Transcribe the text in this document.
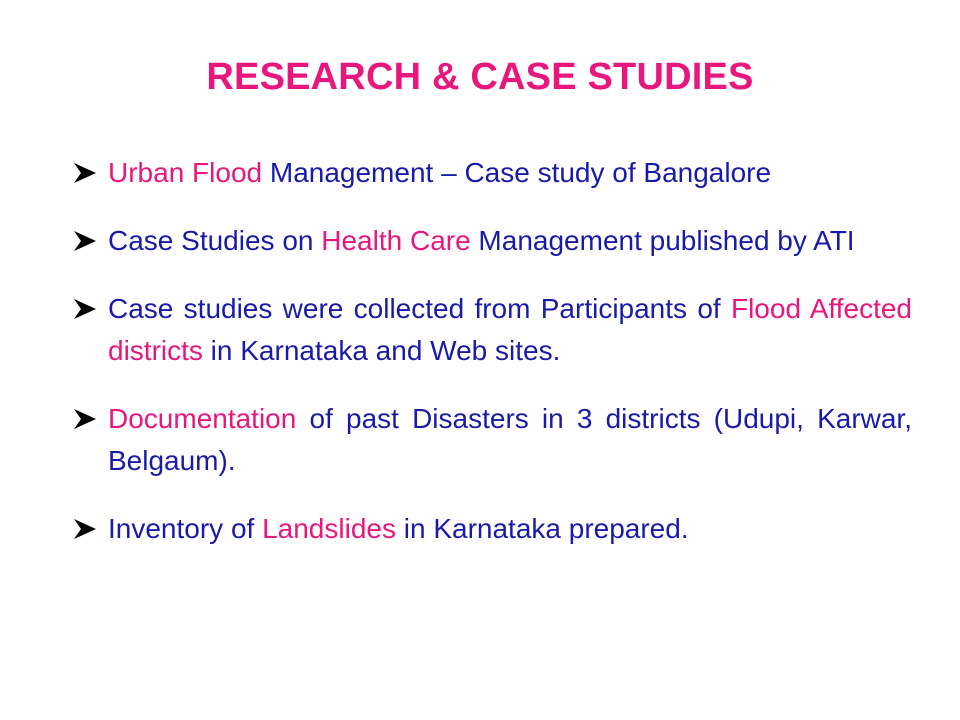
RESEARCH & CASE STUDIES
Urban Flood Management – Case study of Bangalore
Case Studies on Health Care Management published by ATI
Case studies were collected from Participants of Flood Affected districts in Karnataka and Web sites.
Documentation of past Disasters in 3 districts (Udupi, Karwar, Belgaum).
Inventory of Landslides in Karnataka prepared.
